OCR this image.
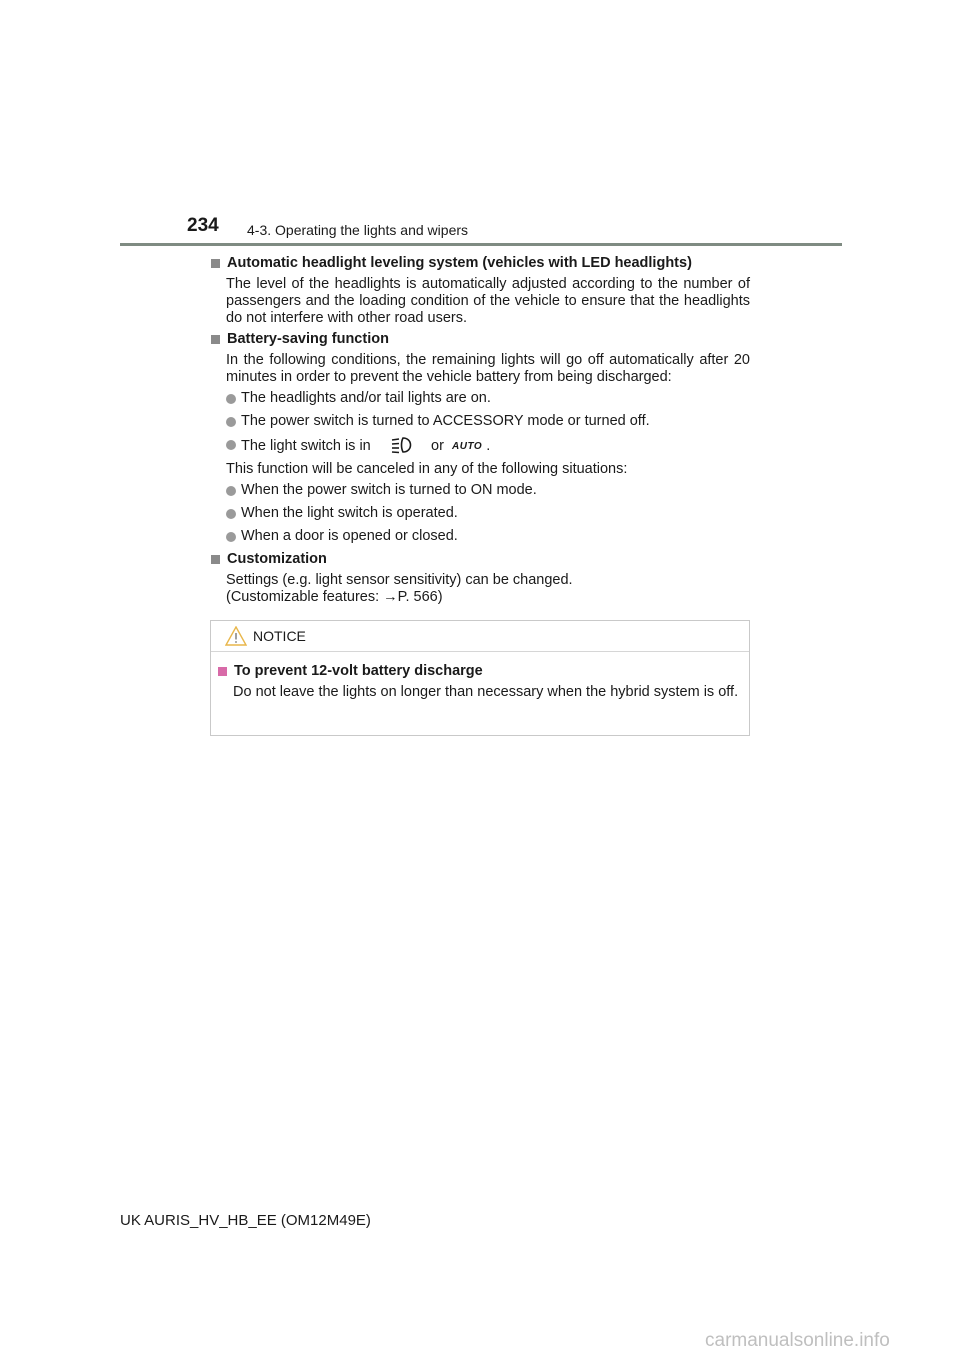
234 4-3. Operating the lights and wipers
Automatic headlight leveling system (vehicles with LED headlights)

The level of the headlights is automatically adjusted according to the number of passengers and the loading condition of the vehicle to ensure that the headlights do not interfere with other road users.

Battery-saving function

In the following conditions, the remaining lights will go off automatically after 20 minutes in order to prevent the vehicle battery from being discharged:

The headlights and/or tail lights are on.
The power switch is turned to ACCESSORY mode or turned off.
The light switch is in	or AUTO .

This function will be canceled in any of the following situations:

When the power switch is turned to ON mode.
When the light switch is operated.
When a door is opened or closed.
Customization

Settings (e.g. light sensor sensitivity) can be changed.

(Customizable features: →P. 566)

NOTICE
To prevent 12-volt battery discharge

Do not leave the lights on longer than necessary when the hybrid system is off.

UK AURIS_HV_HB_EE (OM12M49E)
carmanualsonline.info
